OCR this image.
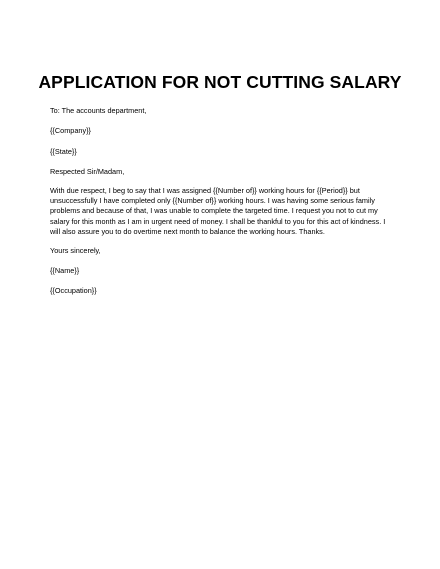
APPLICATION FOR NOT CUTTING SALARY
To: The accounts department,
{{Company}}
{{State}}
Respected Sir/Madam,
With due respect, I beg to say that I was assigned {{Number of}} working hours for {{Period}} but
unsuccessfully I have completed only {{Number of}} working hours. I was having some serious family
problems and because of that, I was unable to complete the targeted time. I request you not to cut my
salary for this month as I am in urgent need of money. I shall be thankful to you for this act of kindness. I
will also assure you to do overtime next month to balance the working hours. Thanks.
Yours sincerely,
{{Name}}
{{Occupation}}
